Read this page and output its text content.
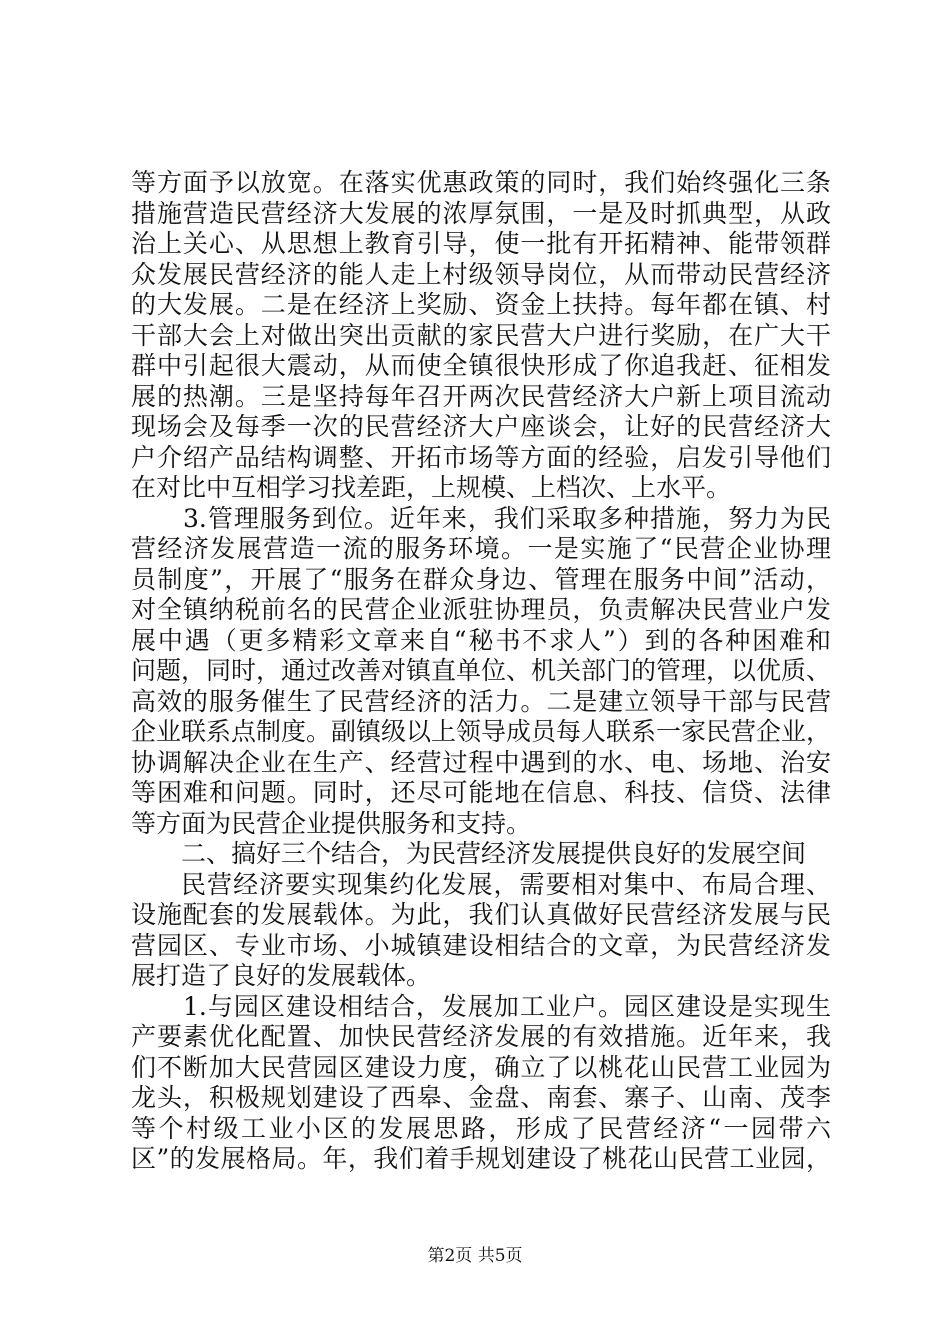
等方面予以放宽。在落实优惠政策的同时，我们始终强化三条
措施营造民营经济大发展的浓厚氛围，一是及时抓典型，从政
治上关心、从思想上教育引导，使一批有开拓精神、能带领群
众发展民营经济的能人走上村级领导岗位，从而带动民营经济
的大发展。二是在经济上奖励、资金上扶持。每年都在镇、村
干部大会上对做出突出贡献的家民营大户进行奖励，在广大干
群中引起很大震动，从而使全镇很快形成了你追我赶、征相发
展的热潮。三是坚持每年召开两次民营经济大户新上项目流动
现场会及每季一次的民营经济大户座谈会，让好的民营经济大
户介绍产品结构调整、开拓市场等方面的经验，启发引导他们
在对比中互相学习找差距，上规模、上档次、上水平。
3.管理服务到位。近年来，我们采取多种措施，努力为民
营经济发展营造一流的服务环境。一是实施了“民营企业协理
员制度”，开展了“服务在群众身边、管理在服务中间”活动，
对全镇纳税前名的民营企业派驻协理员，负责解决民营业户发
展中遇（更多精彩文章来自“秘书不求人”）到的各种困难和
问题，同时，通过改善对镇直单位、机关部门的管理，以优质、
高效的服务催生了民营经济的活力。二是建立领导干部与民营
企业联系点制度。副镇级以上领导成员每人联系一家民营企业，
协调解决企业在生产、经营过程中遇到的水、电、场地、治安
等困难和问题。同时，还尽可能地在信息、科技、信贷、法律
等方面为民营企业提供服务和支持。
二、搞好三个结合，为民营经济发展提供良好的发展空间
民营经济要实现集约化发展，需要相对集中、布局合理、
设施配套的发展载体。为此，我们认真做好民营经济发展与民
营园区、专业市场、小城镇建设相结合的文章，为民营经济发
展打造了良好的发展载体。
1.与园区建设相结合，发展加工业户。园区建设是实现生
产要素优化配置、加快民营经济发展的有效措施。近年来，我
们不断加大民营园区建设力度，确立了以桃花山民营工业园为
龙头，积极规划建设了西皋、金盘、南套、寨子、山南、茂李
等个村级工业小区的发展思路，形成了民营经济“一园带六
区”的发展格局。年，我们着手规划建设了桃花山民营工业园，
第2页 共5页
